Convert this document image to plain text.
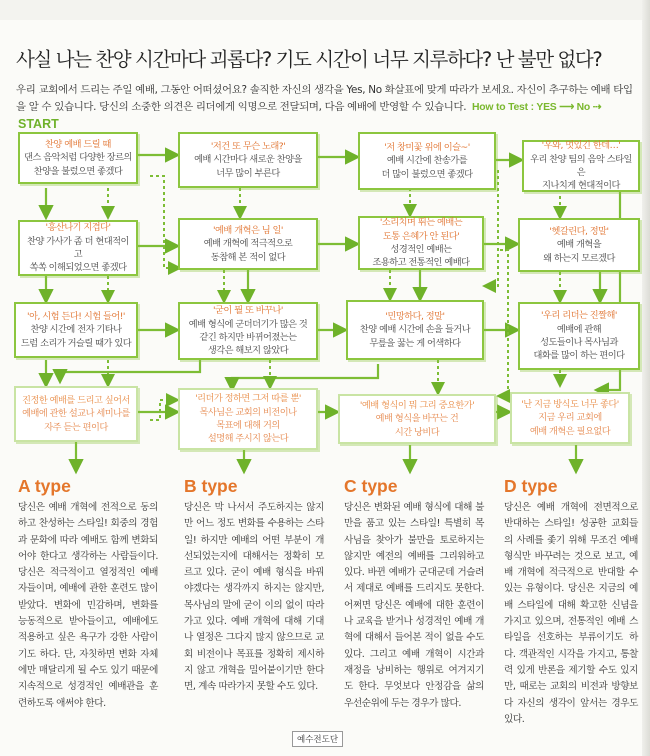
사실 나는 찬양 시간마다 괴롭다? 기도 시간이 너무 지루하다? 난 불만 없다?
우리 교회에서 드리는 주일 예배, 그동안 어떠셨어요? 솔직한 자신의 생각을 Yes, No 화살표에 맞게 따라가 보세요. 자신이 추구하는 예배 타입을 알 수 있습니다. 당신의 소중한 의견은 리더에게 익명으로 전달되며, 다음 예배에 반영할 수 있습니다. How to Test : YES ⟶ No ⇢
START
찬양 예배 드릴 때
댄스 음악처럼 다양한 장르의
찬양을 불렀으면 좋겠다
'저건 또 무슨 노래?'
예배 시간마다 새로운 찬양을
너무 많이 부른다
'저 창미꽃 위에 이슬~'
예배 시간에 찬송가를
더 많이 불렀으면 좋겠다
'우와, 멋있긴 한데…'
우리 찬양 팀의 음악 스타일은
지나치게 현대적이다
'흥산나기 지겹다'
찬양 가사가 좀 더 현대적이고
쏙쏙 이해되었으면 좋겠다
'예배 개혁은 님 일'
예배 개혁에 적극적으로
동참해 본 적이 없다
'소리치며 뛰는 예배는
도통 은혜가 안 된다'
성경적인 예배는
조용하고 전통적인 예배다
'헷갈린다, 정말'
예배 개혁을
왜 하는지 모르겠다
'아, 시험 든다! 시험 들어!'
찬양 시간에 전자 기타나
드럼 소리가 거슬릴 때가 있다
'굳이 뭘 또 바꾸나'
예배 형식에 군더더기가 많은 것
같긴 하지만 바뀌어졌는는
생각은 해보지 않았다
'민망하다, 정말'
찬양 예배 시간에 손을 들거나
무릎을 꿇는 게 어색하다
'우리 리더는 진짤해'
예배에 관해
성도들이나 목사님과
대화를 많이 하는 편이다
진정한 예배를 드리고 싶어서
예배에 관한 설교나 세미나를
자주 듣는 편이다
'리더가 정하면 그저 따를 뿐'
목사님은 교회의 비전이나
목표에 대해 거의
설명해 주시지 않는다
'예배 형식이 뭐 그리 중요한가'
예배 형식을 바꾸는 건
시간 낭비다
'난 지금 방식도 너무 좋다'
지금 우리 교회에
예배 개혁은 필요없다
A type
당신은 예배 개혁에 전적으로 동의하고 찬성하는 스타일! 회중의 경험과 문화에 따라 예배도 함께 변화되어야 한다고 생각하는 사람들이다. 당신은 적극적이고 열정적인 예배자들이며, 예배에 관한 훈련도 많이 받았다. 변화에 민감하며, 변화를 능동적으로 받아들이고, 예배에도 적용하고 싶은 욕구가 강한 사람이기도 하다. 단, 자칫하면 변화 자체에만 매달리게 될 수도 있기 때문에 지속적으로 성경적인 예배관을 훈련하도록 애써야 한다.
B type
당신은 막 나서서 주도하지는 않지만 어느 정도 변화를 수용하는 스타일! 하지만 예배의 어떤 부분이 개선되었는지에 대해서는 정확히 모르고 있다. 굳이 예배 형식을 바꿔야겠다는 생각까지 하지는 않지만, 목사님의 말에 굳이 이의 없이 따라가고 있다. 예배 개혁에 대해 기대나 열정은 그다지 많지 않으므로 교회 비전이나 목표를 정확히 제시하지 않고 개혁을 밀어붙이기만 한다면, 계속 따라가지 못할 수도 있다.
C type
당신은 변화된 예배 형식에 대해 불만을 품고 있는 스타일! 특별히 목사님을 찾아가 불만을 토로하지는 않지만 예전의 예배를 그리워하고 있다. 바뀐 예배가 군대군데 거슬려서 제대로 예배를 드리지도 못한다. 어쩌면 당신은 예배에 대한 훈련이나 교육을 받거나 성경적인 예배 개혁에 대해서 들어본 적이 없을 수도 있다. 그리고 예배 개혁이 시간과 재정을 낭비하는 행위로 여겨지기도 한다. 무엇보다 안정감을 삶의 우선순위에 두는 경우가 많다.
D type
당신은 예배 개혁에 전면적으로 반대하는 스타일! 성공한 교회들의 사례를 좇기 위해 무조건 예배 형식만 바꾸려는 것으로 보고, 예배 개혁에 적극적으로 반대할 수 있는 유형이다. 당신은 지금의 예배 스타일에 대해 확고한 신념을 가지고 있으며, 전통적인 예배 스타일을 선호하는 부류이기도 하다. 객관적인 시각을 가지고, 통찰력 있게 반론을 제기할 수도 있지만, 때로는 교회의 비전과 방향보다 자신의 생각이 앞서는 경우도 있다.
예수전도단
